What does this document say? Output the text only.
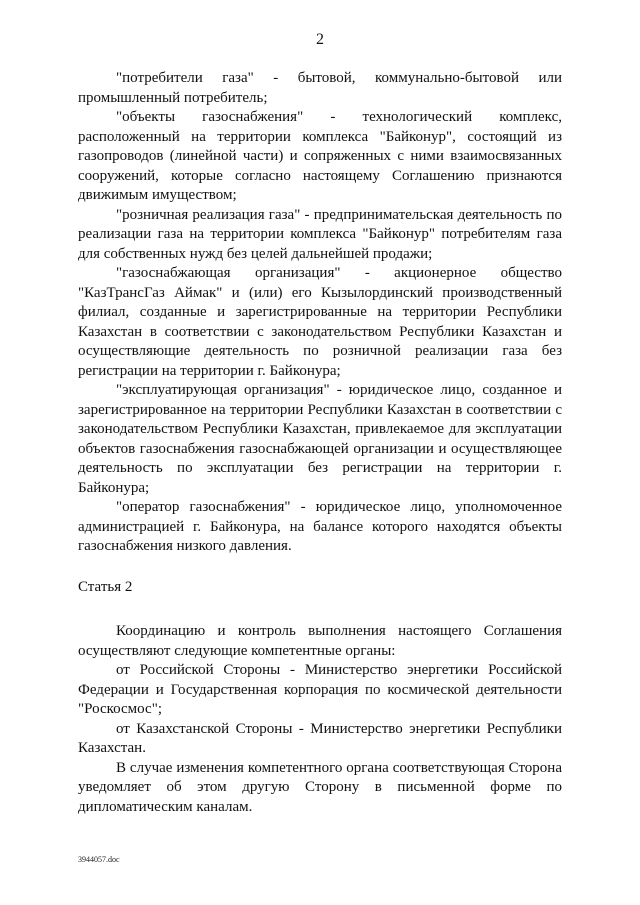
2

"потребители газа" - бытовой, коммунально-бытовой или промышленный потребитель;

"объекты газоснабжения" - технологический комплекс, расположенный на территории комплекса "Байконур", состоящий из газопроводов (линейной части) и сопряженных с ними взаимосвязанных сооружений, которые согласно настоящему Соглашению признаются движимым имуществом;

"розничная реализация газа" - предпринимательская деятельность по реализации газа на территории комплекса "Байконур" потребителям газа для собственных нужд без целей дальнейшей продажи;

"газоснабжающая организация" - акционерное общество "КазТрансГаз Аймак" и (или) его Кызылординский производственный филиал, созданные и зарегистрированные на территории Республики Казахстан в соответствии с законодательством Республики Казахстан и осуществляющие деятельность по розничной реализации газа без регистрации на территории г. Байконура;

"эксплуатирующая организация" - юридическое лицо, созданное и зарегистрированное на территории Республики Казахстан в соответствии с законодательством Республики Казахстан, привлекаемое для эксплуатации объектов газоснабжения газоснабжающей организации и осуществляющее деятельность по эксплуатации без регистрации на территории г. Байконура;

"оператор газоснабжения" - юридическое лицо, уполномоченное администрацией г. Байконура, на балансе которого находятся объекты газоснабжения низкого давления.

Статья 2

Координацию и контроль выполнения настоящего Соглашения осуществляют следующие компетентные органы:

от Российской Стороны - Министерство энергетики Российской Федерации и Государственная корпорация по космической деятельности "Роскосмос";

от Казахстанской Стороны - Министерство энергетики Республики Казахстан.

В случае изменения компетентного органа соответствующая Сторона уведомляет об этом другую Сторону в письменной форме по дипломатическим каналам.

3944057.doc
